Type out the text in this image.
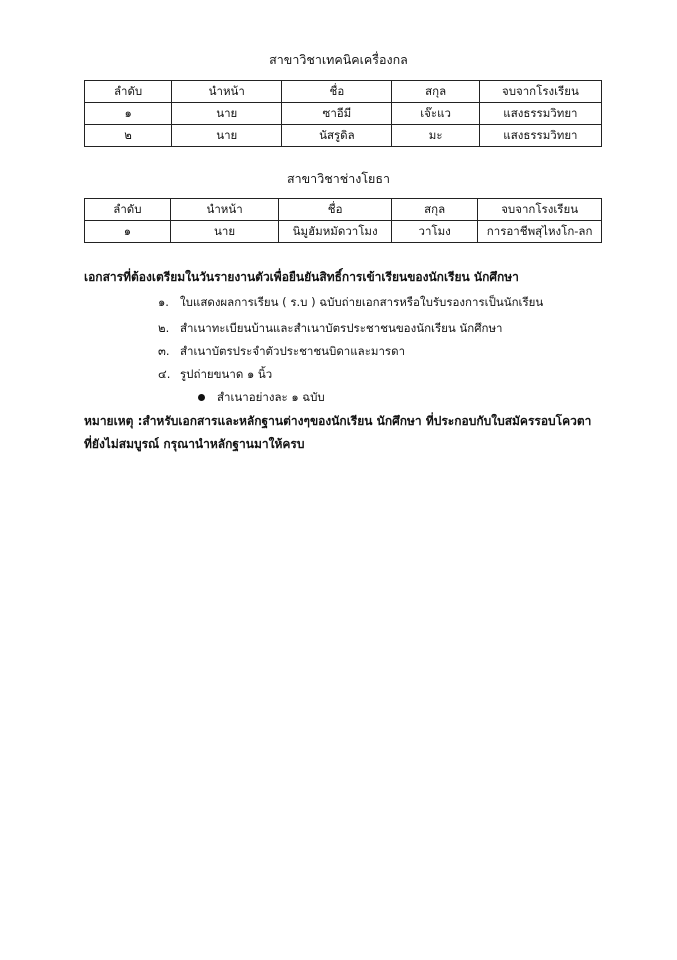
สาขาวิชาเทคนิคเครื่องกล
ลำดับ	นำหน้า	ชื่อ	สกุล	จบจากโรงเรียน
๑	นาย	ซาอีมี	เจ๊ะแว	แสงธรรมวิทยา
๒	นาย	นัสรูดิล	มะ	แสงธรรมวิทยา
สาขาวิชาช่างโยธา
ลำดับ	นำหน้า	ชื่อ	สกุล	จบจากโรงเรียน
๑	นาย	นิมูฮัมหมัดวาโมง	วาโมง	การอาชีพสุไหงโก-ลก
เอกสารที่ต้องเตรียมในวันรายงานตัวเพื่อยืนยันสิทธิ์การเข้าเรียนของนักเรียน นักศึกษา
๑. ใบแสดงผลการเรียน ( ร.บ ) ฉบับถ่ายเอกสารหรือใบรับรองการเป็นนักเรียน
๒. สำเนาทะเบียนบ้านและสำเนาบัตรประชาชนของนักเรียน นักศึกษา
๓. สำเนาบัตรประจำตัวประชาชนบิดาและมารดา
๔. รูปถ่ายขนาด ๑ นิ้ว
สำเนาอย่างละ ๑ ฉบับ
หมายเหตุ :สำหรับเอกสารและหลักฐานต่างๆของนักเรียน นักศึกษา ที่ประกอบกับใบสมัครรอบโควตา
ที่ยังไม่สมบูรณ์ กรุณานำหลักฐานมาให้ครบ
